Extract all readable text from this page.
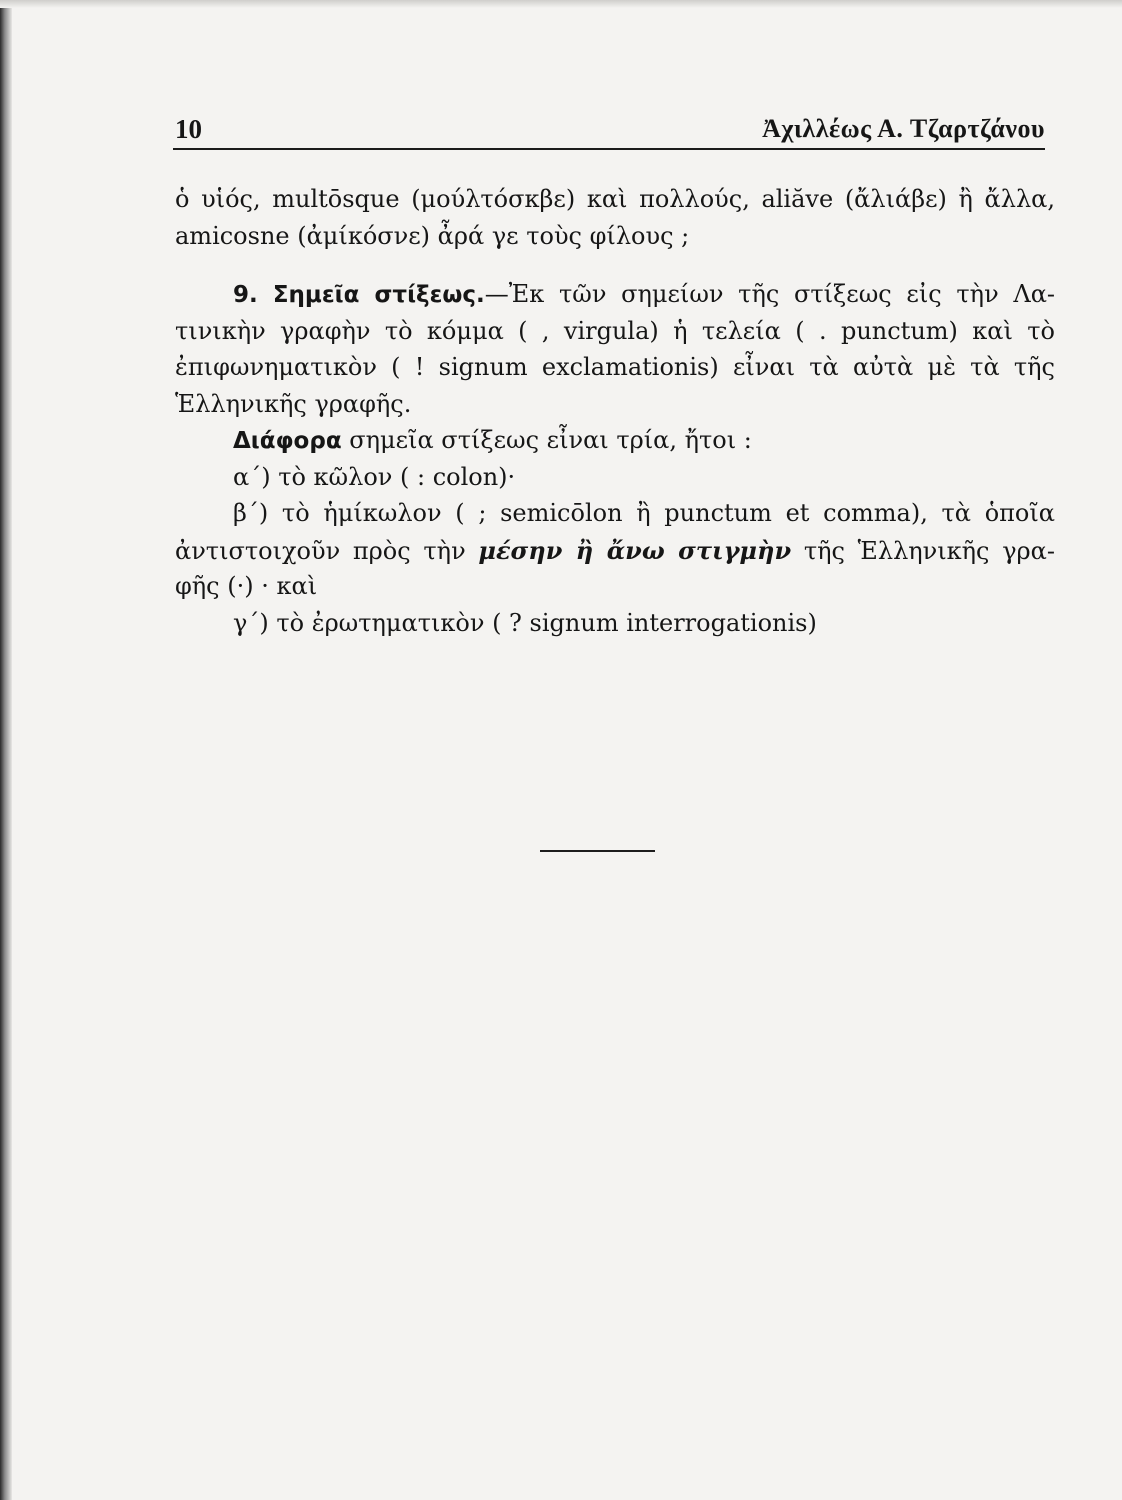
10	Ἀχιλλέως Α. Τζαρτζάνου
ὁ υἱός, multōsque (μούλτόσκβε) καὶ πολλούς, aliăve (ἄλιάβε) ἢ ἄλλα,
amicosne (ἀμίκόσνε) ἆρά γε τοὺς φίλους ;
9. Σημεῖα στίξεως.—Ἐκ τῶν σημείων τῆς στίξεως εἰς τὴν Λα-
τινικὴν γραφὴν τὸ κόμμα ( , virgula) ἡ τελεία ( . punctum) καὶ τὸ
ἐπιφωνηματικὸν ( ! signum exclamationis) εἶναι τὰ αὐτὰ μὲ τὰ τῆς
Ἑλληνικῆς γραφῆς.
Διάφορα σημεῖα στίξεως εἶναι τρία, ἤτοι :
α΄) τὸ κῶλον ( : colon)·
β΄) τὸ ἡμίκωλον ( ; semicōlon ἢ punctum et comma), τὰ ὁποῖα
ἀντιστοιχοῦν πρὸς τὴν μέσην ἢ ἄνω στιγμὴν τῆς Ἑλληνικῆς γρα-
φῆς (·) · καὶ
γ΄) τὸ ἐρωτηματικὸν ( ? signum interrogationis)
